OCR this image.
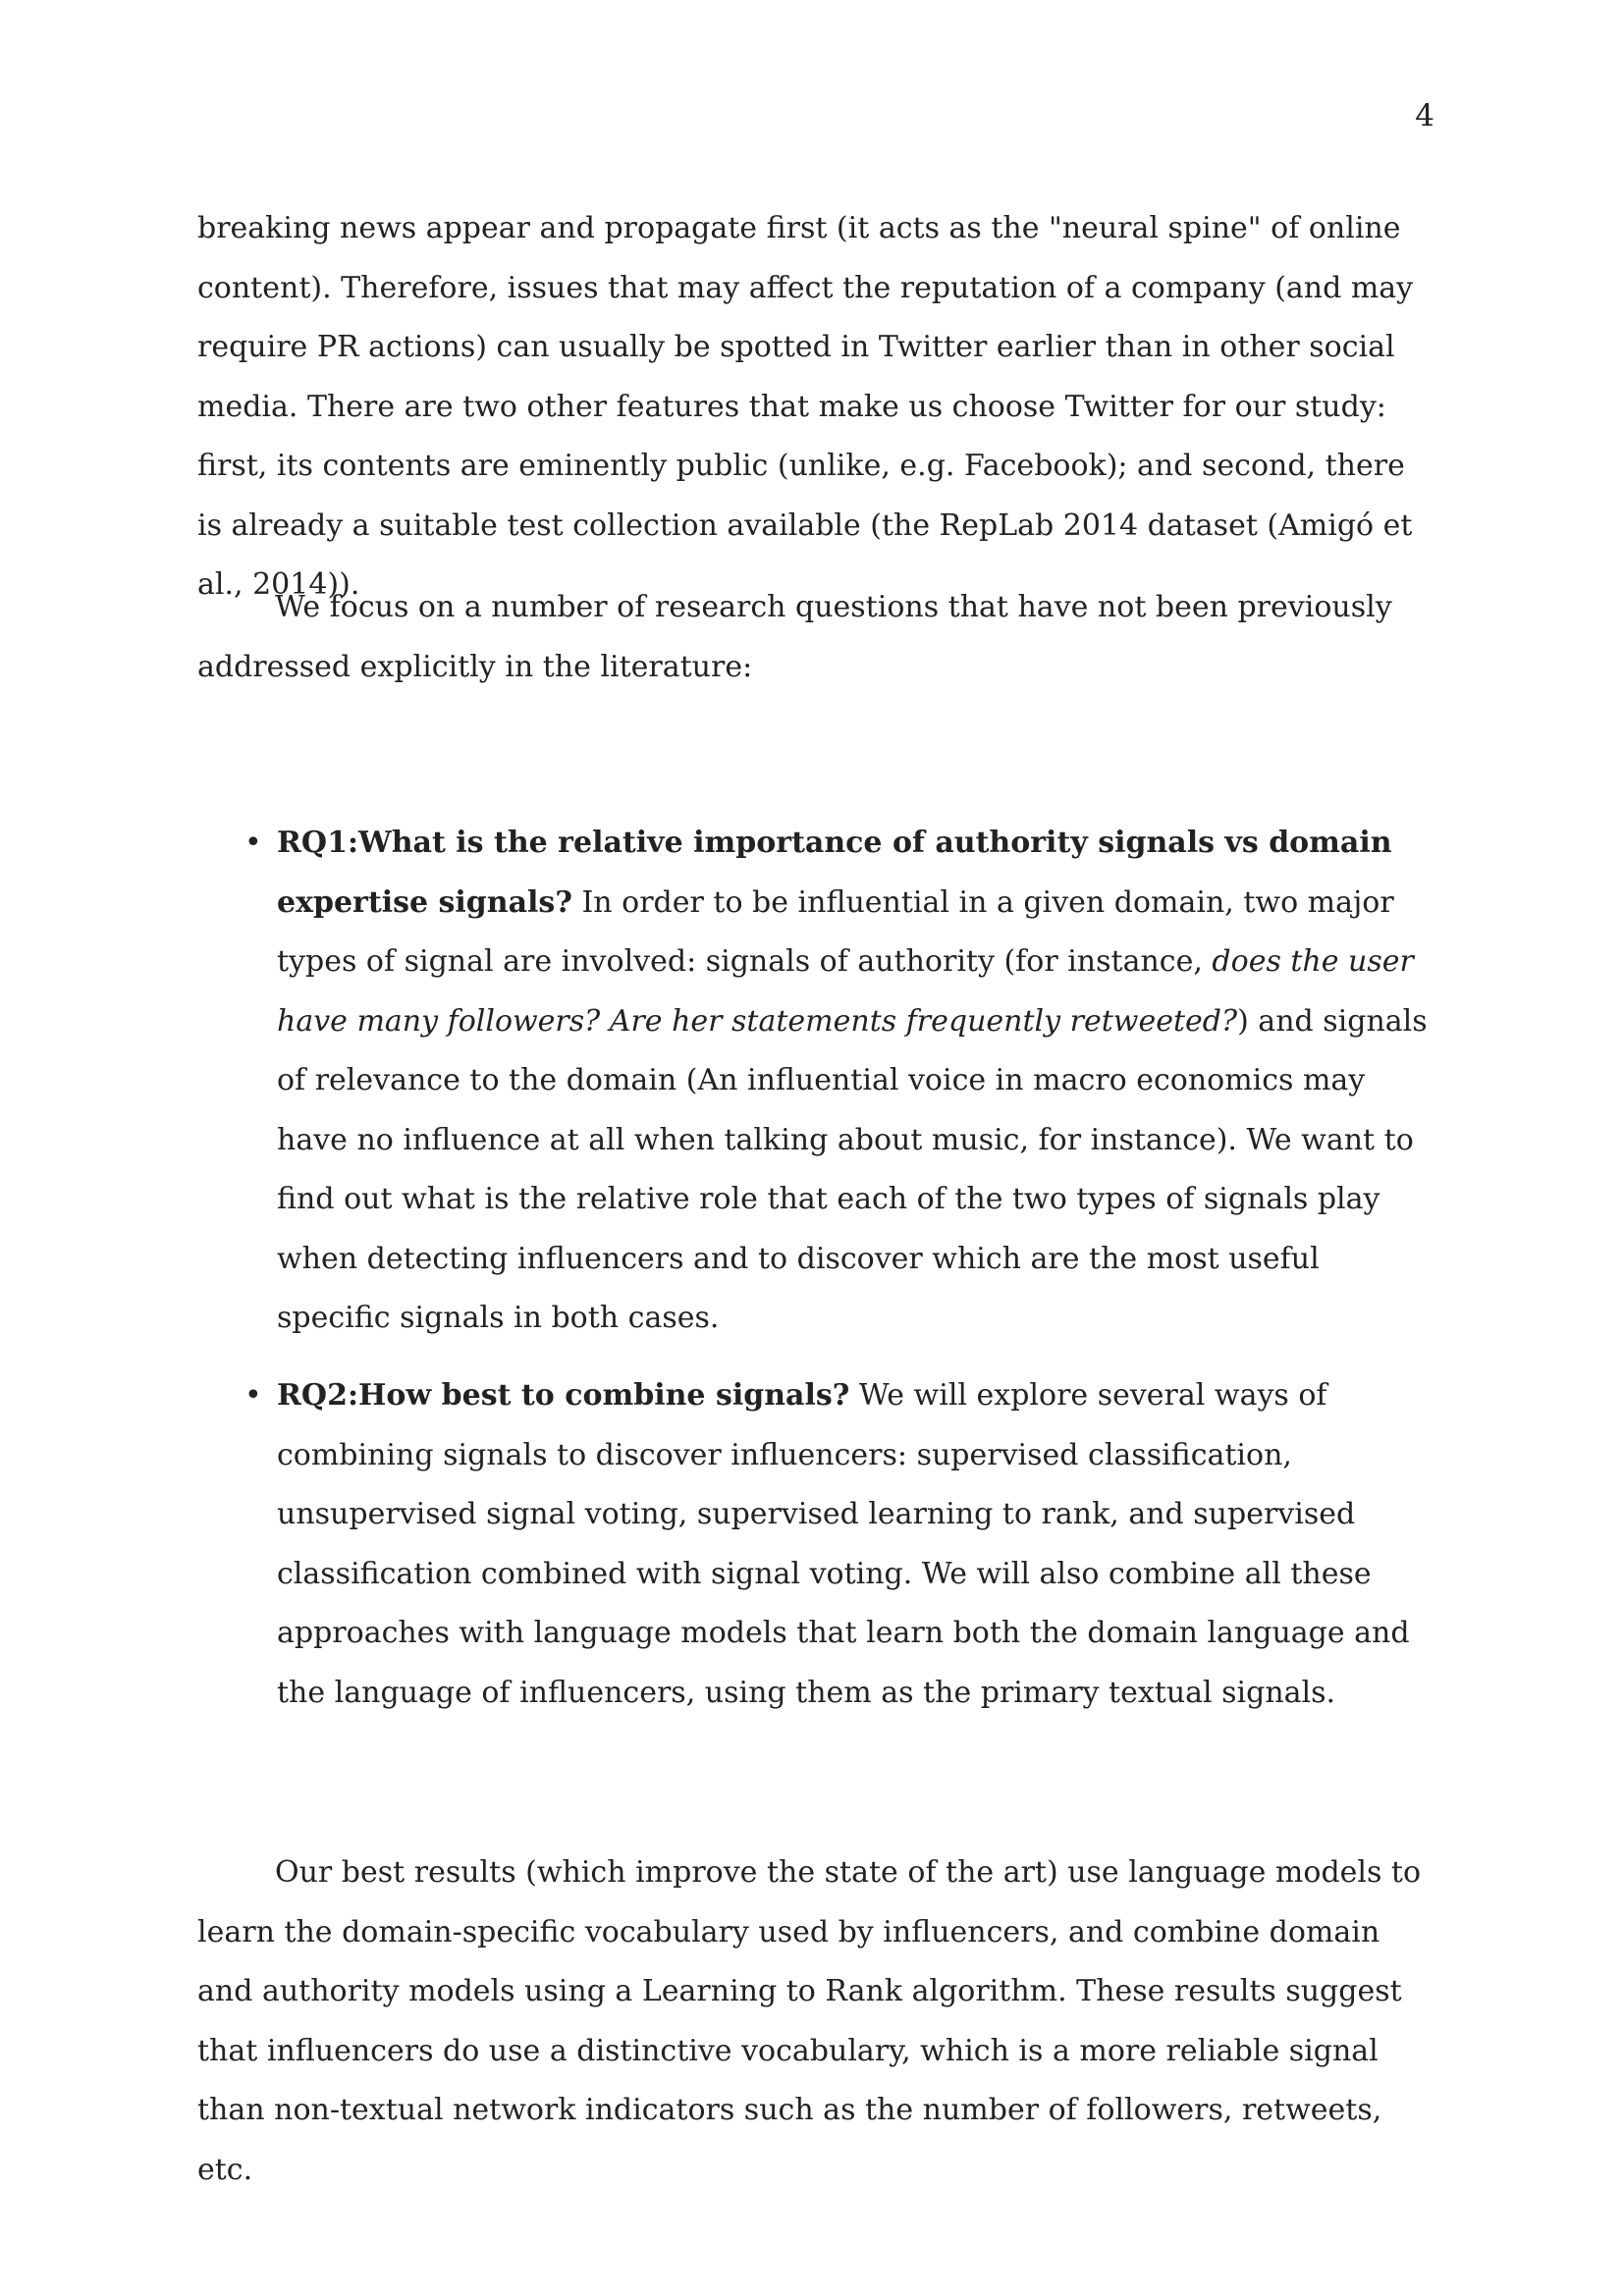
4

breaking news appear and propagate first (it acts as the "neural spine" of online content). Therefore, issues that may affect the reputation of a company (and may require PR actions) can usually be spotted in Twitter earlier than in other social media. There are two other features that make us choose Twitter for our study: first, its contents are eminently public (unlike, e.g. Facebook); and second, there is already a suitable test collection available (the RepLab 2014 dataset (Amigó et al., 2014)).

We focus on a number of research questions that have not been previously addressed explicitly in the literature:

• RQ1:What is the relative importance of authority signals vs domain expertise signals? In order to be influential in a given domain, two major types of signal are involved: signals of authority (for instance, does the user have many followers? Are her statements frequently retweeted?) and signals of relevance to the domain (An influential voice in macro economics may have no influence at all when talking about music, for instance). We want to find out what is the relative role that each of the two types of signals play when detecting influencers and to discover which are the most useful specific signals in both cases.
• RQ2:How best to combine signals? We will explore several ways of combining signals to discover influencers: supervised classification, unsupervised signal voting, supervised learning to rank, and supervised classification combined with signal voting. We will also combine all these approaches with language models that learn both the domain language and the language of influencers, using them as the primary textual signals.

Our best results (which improve the state of the art) use language models to learn the domain-specific vocabulary used by influencers, and combine domain and authority models using a Learning to Rank algorithm. These results suggest that influencers do use a distinctive vocabulary, which is a more reliable signal than non-textual network indicators such as the number of followers, retweets, etc.
